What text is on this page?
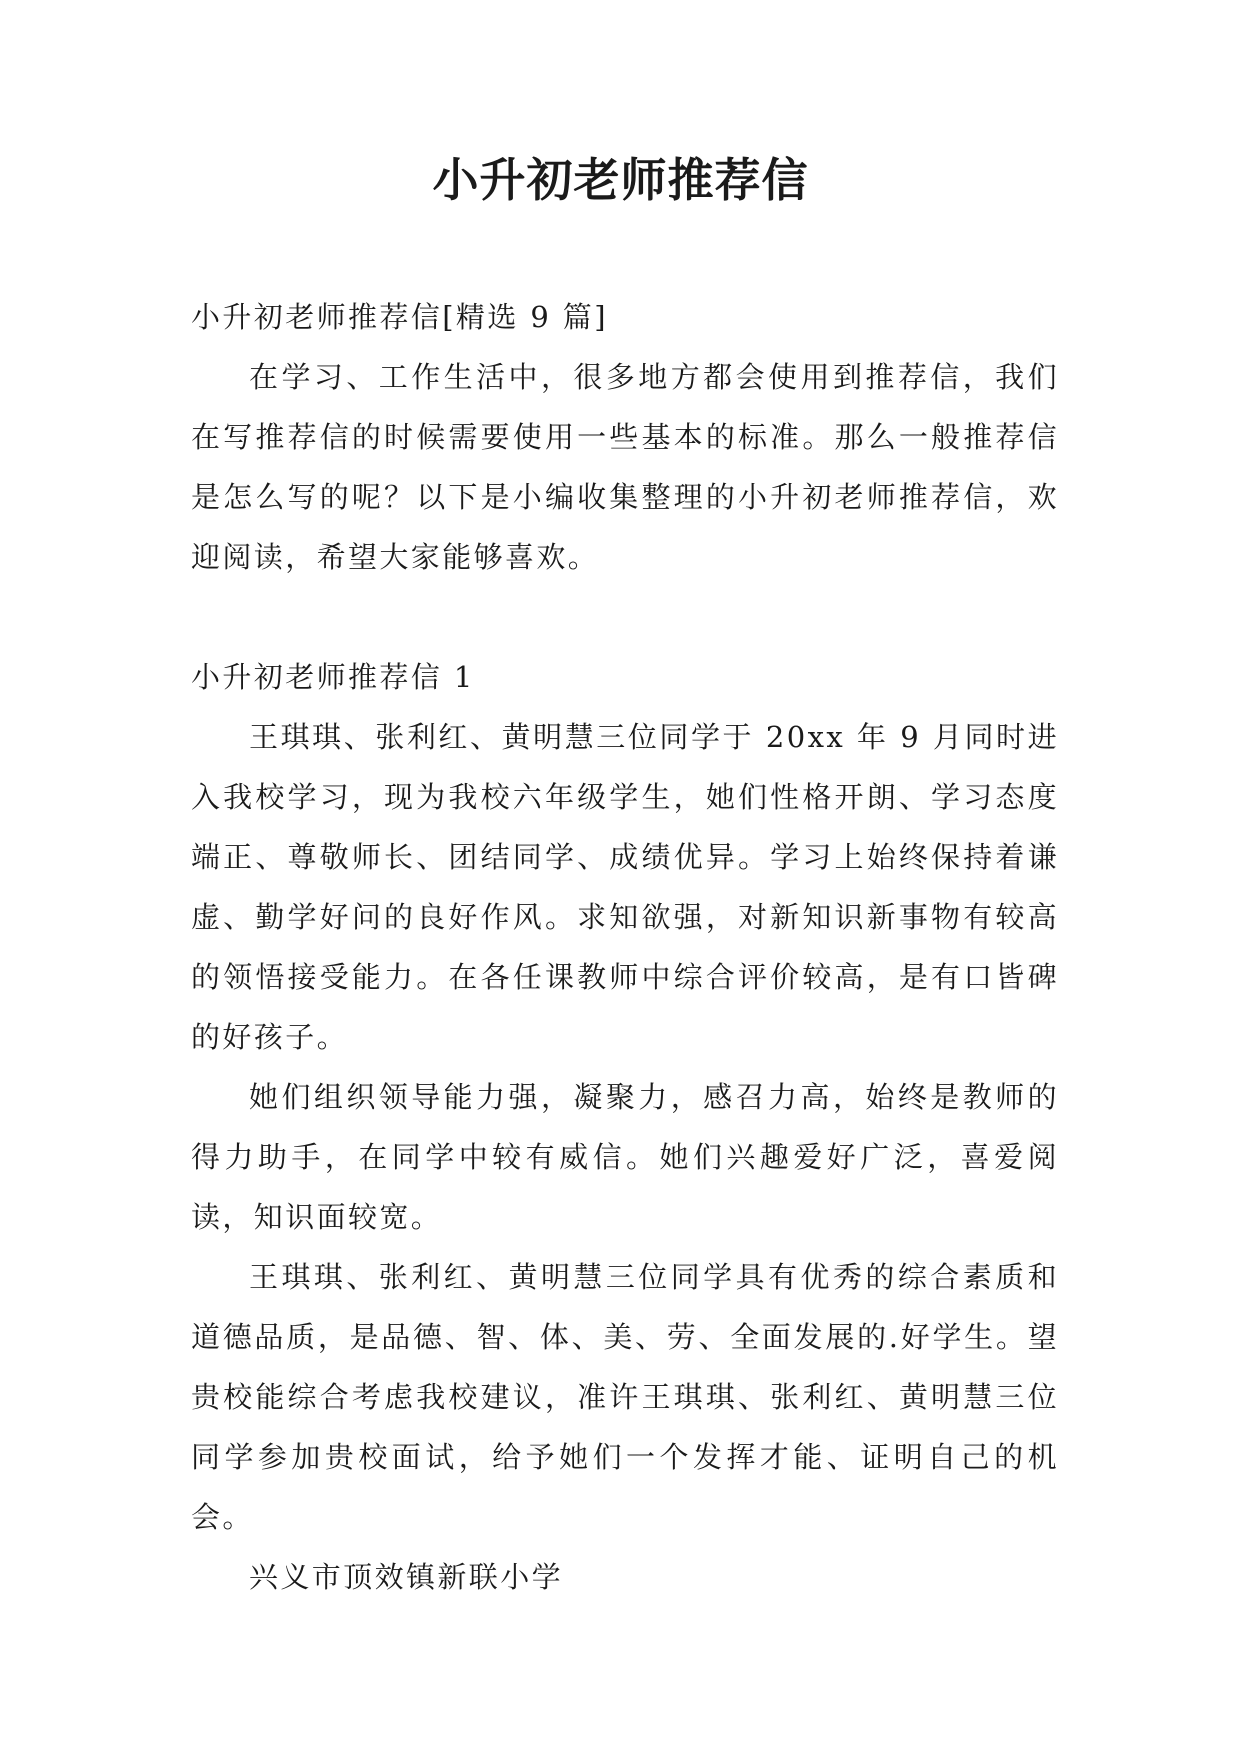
小升初老师推荐信
小升初老师推荐信[精选 9 篇]

在学习、工作生活中，很多地方都会使用到推荐信，我们在写推荐信的时候需要使用一些基本的标准。那么一般推荐信是怎么写的呢？以下是小编收集整理的小升初老师推荐信，欢迎阅读，希望大家能够喜欢。

小升初老师推荐信 1

王琪琪、张利红、黄明慧三位同学于 20xx 年 9 月同时进入我校学习，现为我校六年级学生，她们性格开朗、学习态度端正、尊敬师长、团结同学、成绩优异。学习上始终保持着谦虚、勤学好问的良好作风。求知欲强，对新知识新事物有较高的领悟接受能力。在各任课教师中综合评价较高，是有口皆碑的好孩子。

她们组织领导能力强，凝聚力，感召力高，始终是教师的得力助手，在同学中较有威信。她们兴趣爱好广泛，喜爱阅读，知识面较宽。

王琪琪、张利红、黄明慧三位同学具有优秀的综合素质和道德品质，是品德、智、体、美、劳、全面发展的.好学生。望贵校能综合考虑我校建议，准许王琪琪、张利红、黄明慧三位同学参加贵校面试，给予她们一个发挥才能、证明自己的机会。

兴义市顶效镇新联小学
